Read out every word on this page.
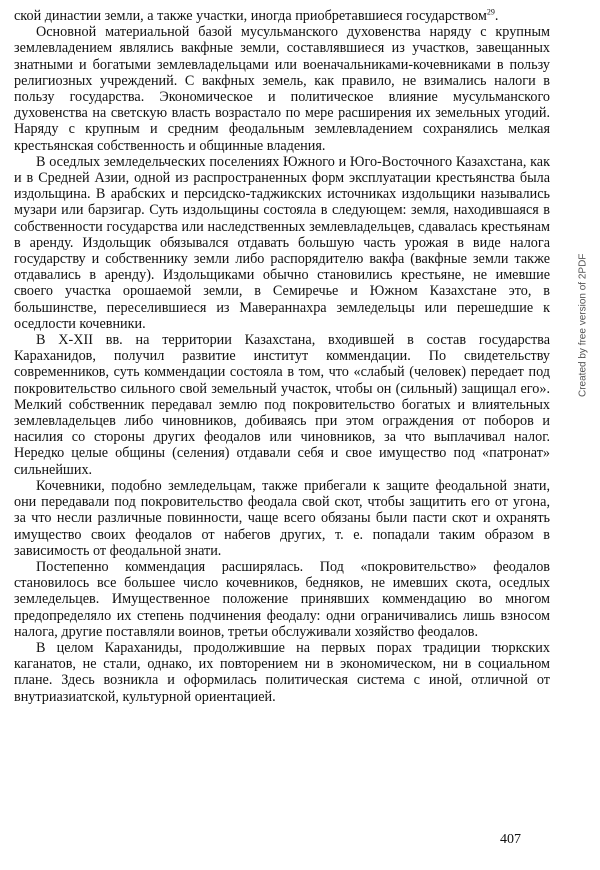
ской династии земли, а также участки, иногда приобретавшиеся государством$^{29}$.

Основной материальной базой мусульманского духовенства наряду с крупным землевладением являлись вакфные земли, составлявшиеся из участков, завещанных знатными и богатыми землевладельцами или военачальниками-кочевниками в пользу религиозных учреждений. С вакфных земель, как правило, не взимались налоги в пользу государства. Экономическое и политическое влияние мусульманского духовенства на светскую власть возрастало по мере расширения их земельных угодий. Наряду с крупным и средним феодальным землевладением сохранялись мелкая крестьянская собственность и общинные владения.

В оседлых земледельческих поселениях Южного и Юго-Восточного Казахстана, как и в Средней Азии, одной из распространенных форм эксплуатации крестьянства была издольщина. В арабских и персидско-таджикских источниках издольщики назывались музари или барзигар. Суть издольщины состояла в следующем: земля, находившаяся в собственности государства или наследственных землевладельцев, сдавалась крестьянам в аренду. Издольщик обязывался отдавать большую часть урожая в виде налога государству и собственнику земли либо распорядителю вакфа (вакфные земли также отдавались в аренду). Издольщиками обычно становились крестьяне, не имевшие своего участка орошаемой земли, в Семиречье и Южном Казахстане это, в большинстве, переселившиеся из Мавераннахра земледельцы или перешедшие к оседлости кочевники.

В X-XII вв. на территории Казахстана, входившей в состав государства Караханидов, получил развитие институт коммендации. По свидетельству современников, суть коммендации состояла в том, что «слабый (человек) передает под покровительство сильного свой земельный участок, чтобы он (сильный) защищал его». Мелкий собственник передавал землю под покровительство богатых и влиятельных землевладельцев либо чиновников, добиваясь при этом ограждения от поборов и насилия со стороны других феодалов или чиновников, за что выплачивал налог. Нередко целые общины (селения) отдавали себя и свое имущество под «патронат» сильнейших.

Кочевники, подобно земледельцам, также прибегали к защите феодальной знати, они передавали под покровительство феодала свой скот, чтобы защитить его от угона, за что несли различные повинности, чаще всего обязаны были пасти скот и охранять имущество своих феодалов от набегов других, т. е. попадали таким образом в зависимость от феодальной знати.

Постепенно коммендация расширялась. Под «покровительство» феодалов становилось все большее число кочевников, бедняков, не имевших скота, оседлых земледельцев. Имущественное положение принявших коммендацию во многом предопределяло их степень подчинения феодалу: одни ограничивались лишь взносом налога, другие поставляли воинов, третьи обслуживали хозяйство феодалов.

В целом Караханиды, продолжившие на первых порах традиции тюркских каганатов, не стали, однако, их повторением ни в экономическом, ни в социальном плане. Здесь возникла и оформилась политическая система с иной, отличной от внутриазиатской, культурной ориентацией.

Created by free version of 2PDF
407
